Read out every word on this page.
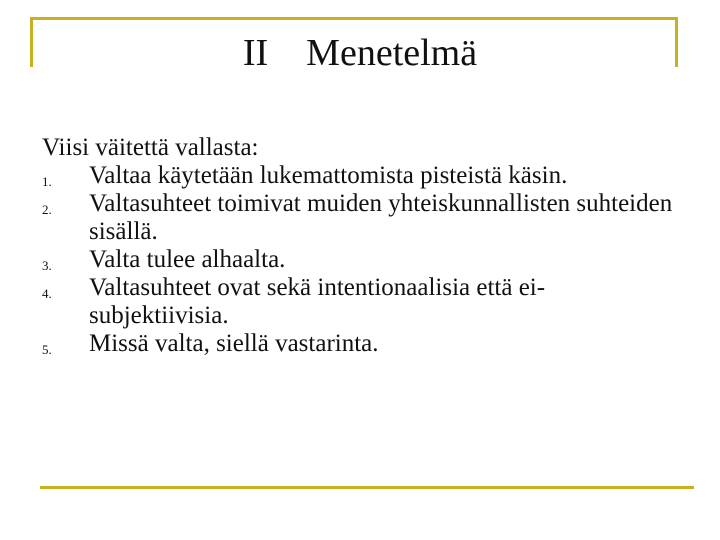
II    Menetelmä

Viisi väitettä vallasta:

1.	Valtaa käytetään lukemattomista pisteistä käsin.
2.	Valtasuhteet toimivat muiden yhteiskunnallisten suhteiden sisällä.
3.	Valta tulee alhaalta.
4.	Valtasuhteet ovat sekä intentionaalisia että ei-subjektiivisia.
5.	Missä valta, siellä vastarinta.
